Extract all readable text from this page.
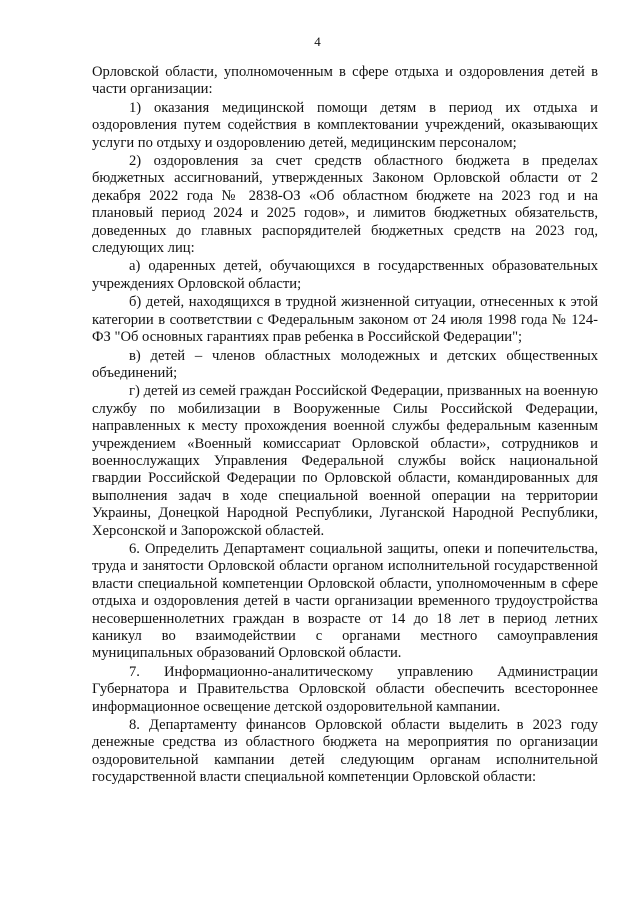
4

Орловской области, уполномоченным в сфере отдыха и оздоровления детей в части организации:

1) оказания медицинской помощи детям в период их отдыха и оздоровления путем содействия в комплектовании учреждений, оказывающих услуги по отдыху и оздоровлению детей, медицинским персоналом;

2) оздоровления за счет средств областного бюджета в пределах бюджетных ассигнований, утвержденных Законом Орловской области от 2 декабря 2022 года № 2838-ОЗ «Об областном бюджете на 2023 год и на плановый период 2024 и 2025 годов», и лимитов бюджетных обязательств, доведенных до главных распорядителей бюджетных средств на 2023 год, следующих лиц:

а) одаренных детей, обучающихся в государственных образовательных учреждениях Орловской области;

б) детей, находящихся в трудной жизненной ситуации, отнесенных к этой категории в соответствии с Федеральным законом от 24 июля 1998 года № 124-ФЗ "Об основных гарантиях прав ребенка в Российской Федерации";

в) детей – членов областных молодежных и детских общественных объединений;

г) детей из семей граждан Российской Федерации, призванных на военную службу по мобилизации в Вооруженные Силы Российской Федерации, направленных к месту прохождения военной службы федеральным казенным учреждением «Военный комиссариат Орловской области», сотрудников и военнослужащих Управления Федеральной службы войск национальной гвардии Российской Федерации по Орловской области, командированных для выполнения задач в ходе специальной военной операции на территории Украины, Донецкой Народной Республики, Луганской Народной Республики, Херсонской и Запорожской областей.

6. Определить Департамент социальной защиты, опеки и попечительства, труда и занятости Орловской области органом исполнительной государственной власти специальной компетенции Орловской области, уполномоченным в сфере отдыха и оздоровления детей в части организации временного трудоустройства несовершеннолетних граждан в возрасте от 14 до 18 лет в период летних каникул во взаимодействии с органами местного самоуправления муниципальных образований Орловской области.

7. Информационно-аналитическому управлению Администрации Губернатора и Правительства Орловской области обеспечить всестороннее информационное освещение детской оздоровительной кампании.

8. Департаменту финансов Орловской области выделить в 2023 году денежные средства из областного бюджета на мероприятия по организации оздоровительной кампании детей следующим органам исполнительной государственной власти специальной компетенции Орловской области:
